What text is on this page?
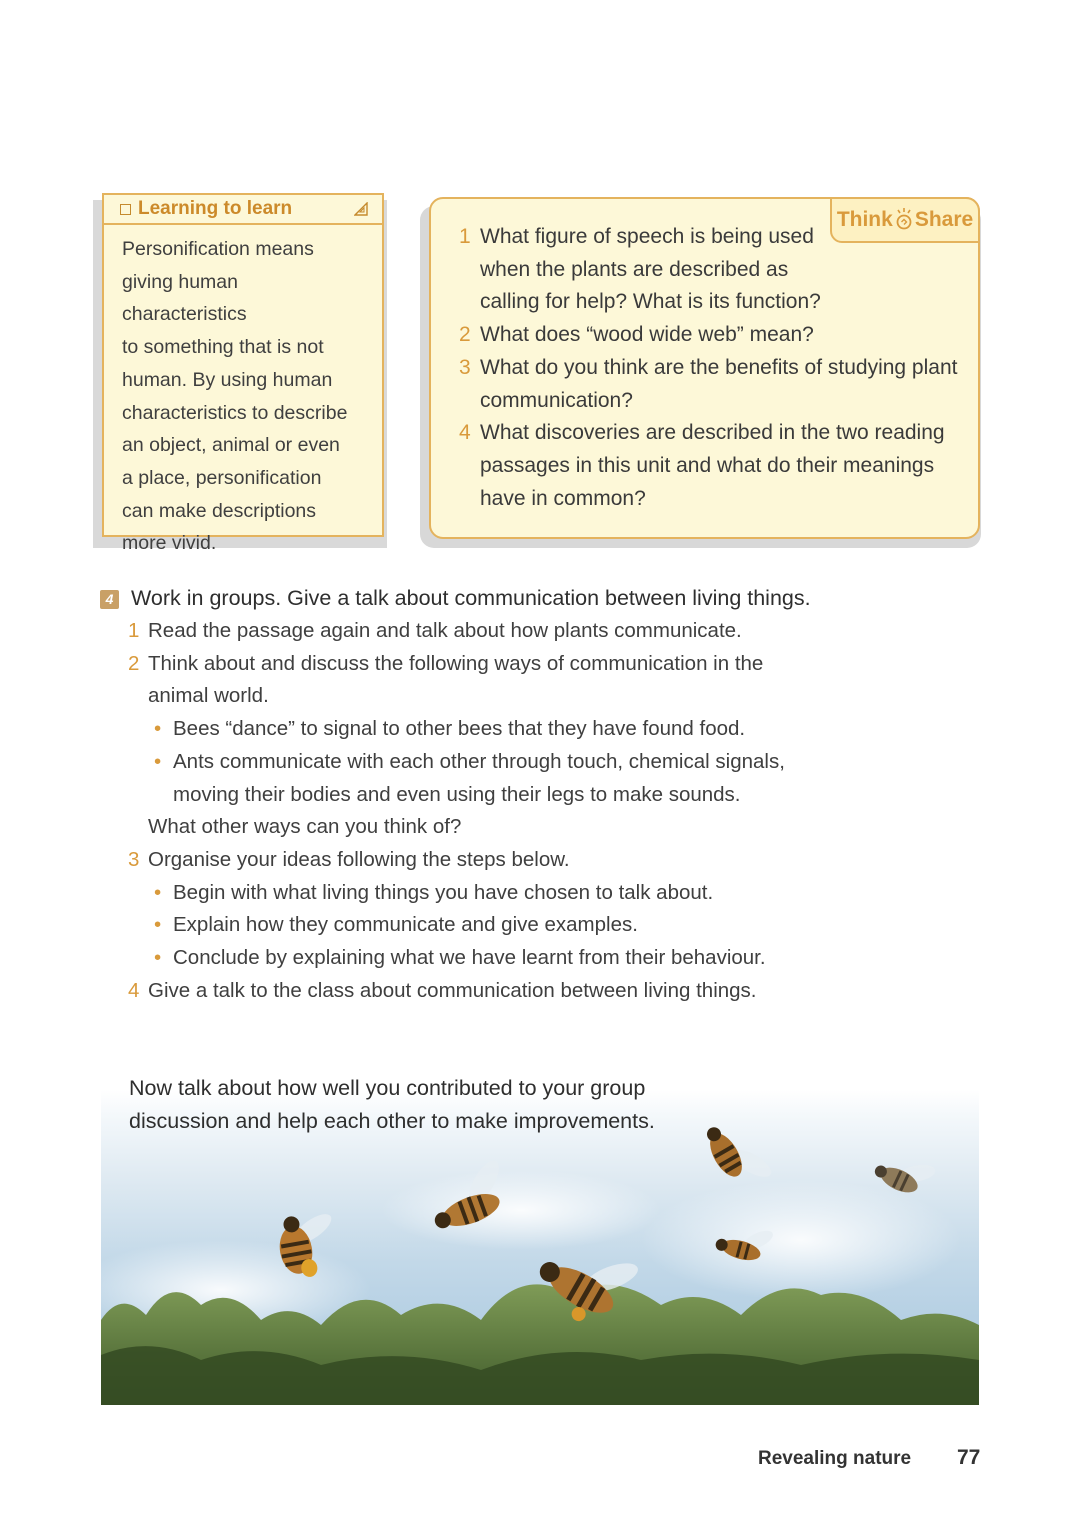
Learning to learn
Personification means
giving human characteristics
to something that is not
human. By using human
characteristics to describe
an object, animal or even
a place, personification
can make descriptions
more vivid.
Think Share
1 What figure of speech is being used when the plants are described as calling for help? What is its function?
2 What does “wood wide web” mean?
3 What do you think are the benefits of studying plant communication?
4 What discoveries are described in the two reading passages in this unit and what do their meanings have in common?
4 Work in groups. Give a talk about communication between living things.
1 Read the passage again and talk about how plants communicate.
2 Think about and discuss the following ways of communication in the animal world.
• Bees “dance” to signal to other bees that they have found food.
• Ants communicate with each other through touch, chemical signals, moving their bodies and even using their legs to make sounds.
What other ways can you think of?
3 Organise your ideas following the steps below.
• Begin with what living things you have chosen to talk about.
• Explain how they communicate and give examples.
• Conclude by explaining what we have learnt from their behaviour.
4 Give a talk to the class about communication between living things.
Now talk about how well you contributed to your group discussion and help each other to make improvements.
Revealing nature 77
